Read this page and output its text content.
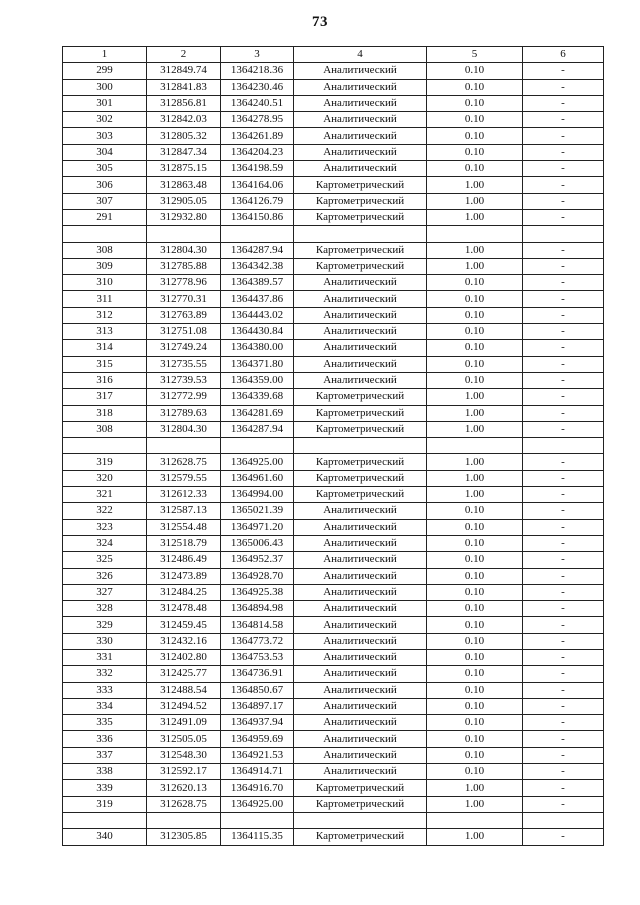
73
1	2	3	4	5	6
299	312849.74	1364218.36	Аналитический	0.10	-
300	312841.83	1364230.46	Аналитический	0.10	-
301	312856.81	1364240.51	Аналитический	0.10	-
302	312842.03	1364278.95	Аналитический	0.10	-
303	312805.32	1364261.89	Аналитический	0.10	-
304	312847.34	1364204.23	Аналитический	0.10	-
305	312875.15	1364198.59	Аналитический	0.10	-
306	312863.48	1364164.06	Картометрический	1.00	-
307	312905.05	1364126.79	Картометрический	1.00	-
291	312932.80	1364150.86	Картометрический	1.00	-

308	312804.30	1364287.94	Картометрический	1.00	-
309	312785.88	1364342.38	Картометрический	1.00	-
310	312778.96	1364389.57	Аналитический	0.10	-
311	312770.31	1364437.86	Аналитический	0.10	-
312	312763.89	1364443.02	Аналитический	0.10	-
313	312751.08	1364430.84	Аналитический	0.10	-
314	312749.24	1364380.00	Аналитический	0.10	-
315	312735.55	1364371.80	Аналитический	0.10	-
316	312739.53	1364359.00	Аналитический	0.10	-
317	312772.99	1364339.68	Картометрический	1.00	-
318	312789.63	1364281.69	Картометрический	1.00	-
308	312804.30	1364287.94	Картометрический	1.00	-

319	312628.75	1364925.00	Картометрический	1.00	-
320	312579.55	1364961.60	Картометрический	1.00	-
321	312612.33	1364994.00	Картометрический	1.00	-
322	312587.13	1365021.39	Аналитический	0.10	-
323	312554.48	1364971.20	Аналитический	0.10	-
324	312518.79	1365006.43	Аналитический	0.10	-
325	312486.49	1364952.37	Аналитический	0.10	-
326	312473.89	1364928.70	Аналитический	0.10	-
327	312484.25	1364925.38	Аналитический	0.10	-
328	312478.48	1364894.98	Аналитический	0.10	-
329	312459.45	1364814.58	Аналитический	0.10	-
330	312432.16	1364773.72	Аналитический	0.10	-
331	312402.80	1364753.53	Аналитический	0.10	-
332	312425.77	1364736.91	Аналитический	0.10	-
333	312488.54	1364850.67	Аналитический	0.10	-
334	312494.52	1364897.17	Аналитический	0.10	-
335	312491.09	1364937.94	Аналитический	0.10	-
336	312505.05	1364959.69	Аналитический	0.10	-
337	312548.30	1364921.53	Аналитический	0.10	-
338	312592.17	1364914.71	Аналитический	0.10	-
339	312620.13	1364916.70	Картометрический	1.00	-
319	312628.75	1364925.00	Картометрический	1.00	-

340	312305.85	1364115.35	Картометрический	1.00	-
